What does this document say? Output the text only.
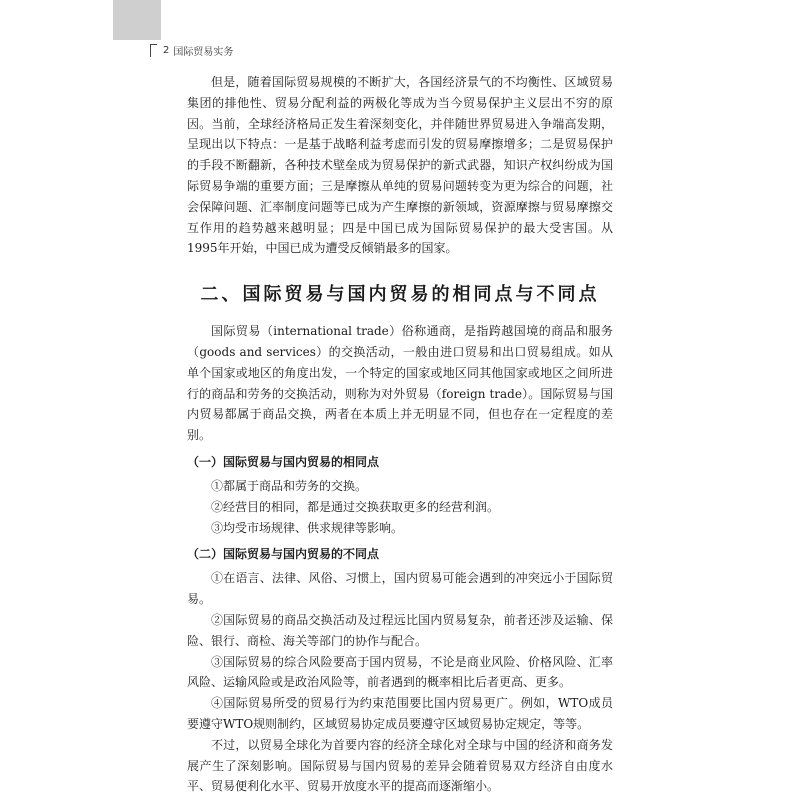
2 国际贸易实务

但是，随着国际贸易规模的不断扩大，各国经济景气的不均衡性、区域贸易集团的排他性、贸易分配利益的两极化等成为当今贸易保护主义层出不穷的原因。当前，全球经济格局正发生着深刻变化，并伴随世界贸易进入争端高发期，呈现出以下特点：一是基于战略利益考虑而引发的贸易摩擦增多；二是贸易保护的手段不断翻新，各种技术壁垒成为贸易保护的新式武器，知识产权纠纷成为国际贸易争端的重要方面；三是摩擦从单纯的贸易问题转变为更为综合的问题，社会保障问题、汇率制度问题等已成为产生摩擦的新领域，资源摩擦与贸易摩擦交互作用的趋势越来越明显；四是中国已成为国际贸易保护的最大受害国。从1995年开始，中国已成为遭受反倾销最多的国家。

二、国际贸易与国内贸易的相同点与不同点

国际贸易（international trade）俗称通商，是指跨越国境的商品和服务（goods and services）的交换活动，一般由进口贸易和出口贸易组成。如从单个国家或地区的角度出发，一个特定的国家或地区同其他国家或地区之间所进行的商品和劳务的交换活动，则称为对外贸易（foreign trade）。国际贸易与国内贸易都属于商品交换，两者在本质上并无明显不同，但也存在一定程度的差别。

（一）国际贸易与国内贸易的相同点

①都属于商品和劳务的交换。

②经营目的相同，都是通过交换获取更多的经营利润。

③均受市场规律、供求规律等影响。

（二）国际贸易与国内贸易的不同点

①在语言、法律、风俗、习惯上，国内贸易可能会遇到的冲突远小于国际贸易。

②国际贸易的商品交换活动及过程远比国内贸易复杂，前者还涉及运输、保险、银行、商检、海关等部门的协作与配合。

③国际贸易的综合风险要高于国内贸易，不论是商业风险、价格风险、汇率风险、运输风险或是政治风险等，前者遇到的概率相比后者更高、更多。

④国际贸易所受的贸易行为约束范围要比国内贸易更广。例如，WTO成员要遵守WTO规则制约，区域贸易协定成员要遵守区域贸易协定规定，等等。

不过，以贸易全球化为首要内容的经济全球化对全球与中国的经济和商务发展产生了深刻影响。国际贸易与国内贸易的差异会随着贸易双方经济自由度水平、贸易便利化水平、贸易开放度水平的提高而逐渐缩小。
